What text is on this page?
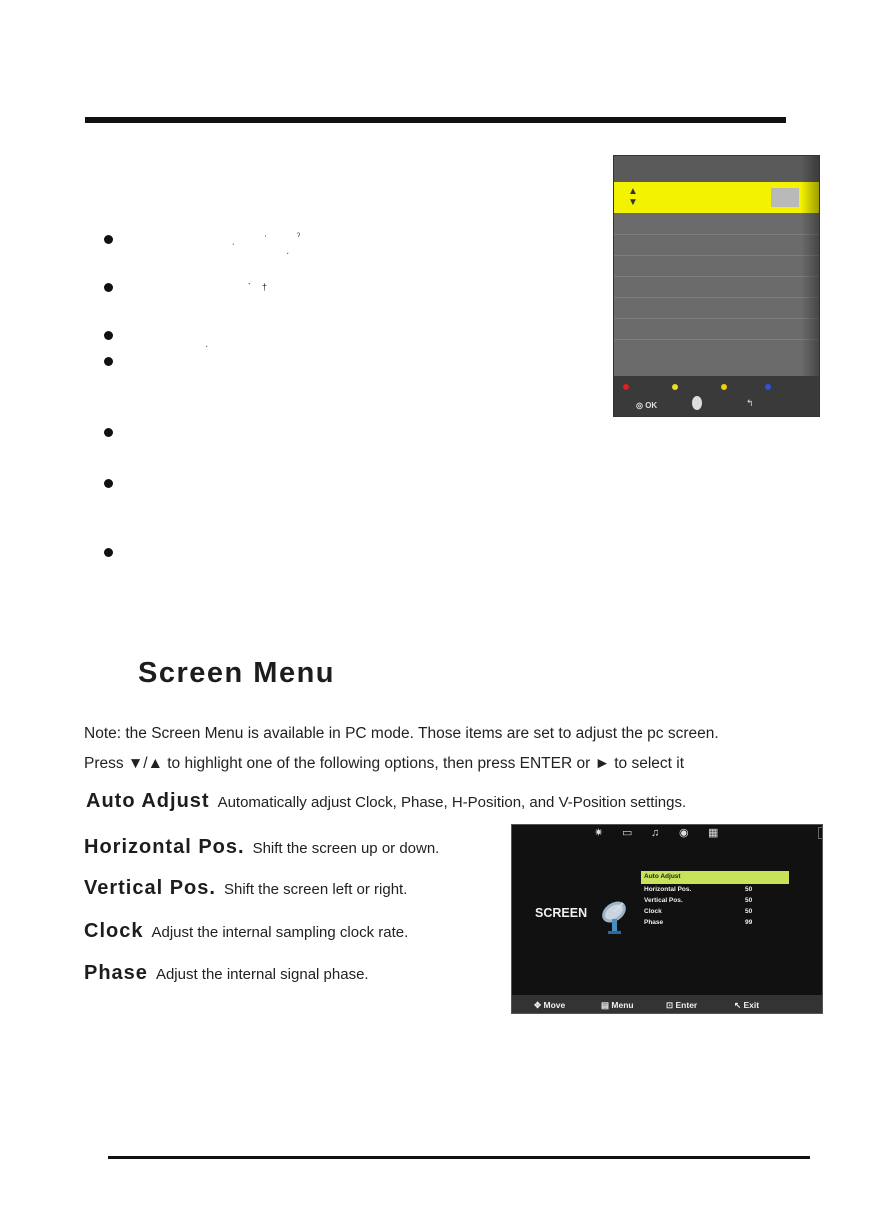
ˎ	ʾ
ˏ
ˀ
` †
ˏ
▲
▼
◎ OK	↰
Screen Menu
Note: the Screen Menu is available in PC mode. Those items are set to adjust the pc screen.
Press ▼/▲ to highlight one of the following options, then press ENTER or ► to select it
Auto Adjust Automatically adjust Clock, Phase, H-Position, and V-Position settings.
Horizontal Pos. Shift the screen up or down.
Vertical Pos. Shift the screen left or right.
Clock Adjust the internal sampling clock rate.
Phase Adjust the internal signal phase.
✷ ▭ ♫ ◉ ▦
SCREEN
Auto Adjust
Horizontal Pos.	50
Vertical Pos.	50
Clock	50
Phase	99
✥ Move	▤ Menu	⊡ Enter	↖ Exit
